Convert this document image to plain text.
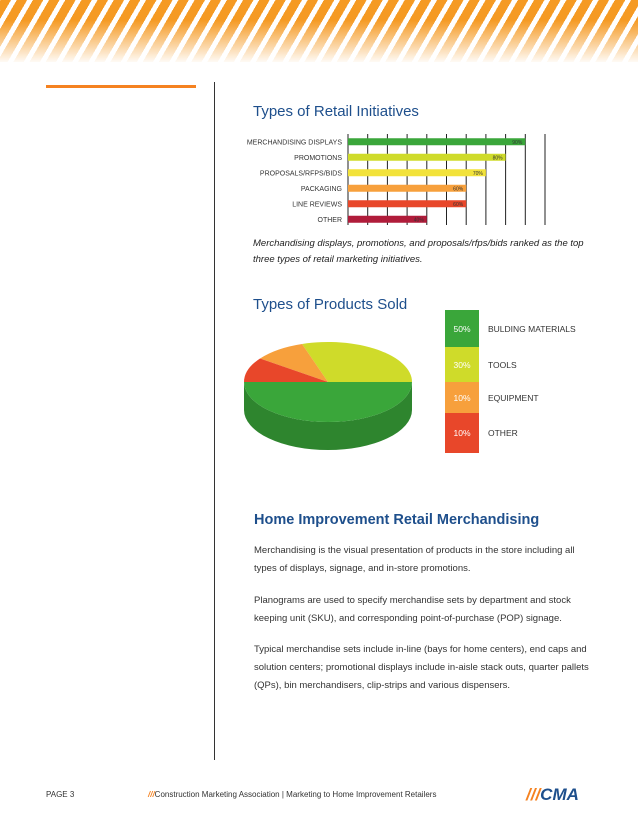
Types of Retail Initiatives
MERCHANDISING DISPLAYS	90%
PROMOTIONS	80%
PROPOSALS/RFPS/BIDS	70%
PACKAGING	60%
LINE REVIEWS	60%
OTHER	40%
Merchandising displays, promotions, and proposals/rfps/bids ranked as the top three types of retail marketing initiatives.
Types of Products Sold
50%	BULDING MATERIALS
30%	TOOLS
10%	EQUIPMENT
10%	OTHER
Home Improvement Retail Merchandising
Merchandising is the visual presentation of products in the store including all types of displays, signage, and in-store promotions.
Planograms are used to specify merchandise sets by department and stock keeping unit (SKU), and corresponding point-of-purchase (POP) signage.
Typical merchandise sets include in-line (bays for home centers), end caps and solution centers; promotional displays include in-aisle stack outs, quarter pallets (QPs), bin merchandisers, clip-strips and various dispensers.
PAGE 3	///Construction Marketing Association | Marketing to Home Improvement Retailers	///CMA
